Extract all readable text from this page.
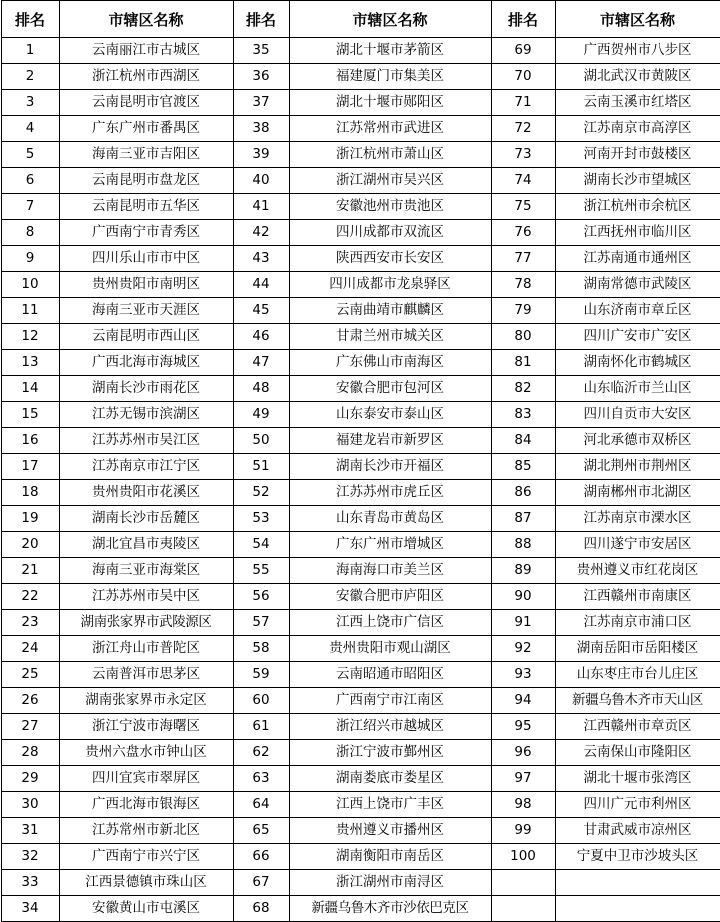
排名	市辖区名称	排名	市辖区名称	排名	市辖区名称
1	云南丽江市古城区	35	湖北十堰市茅箭区	69	广西贺州市八步区
2	浙江杭州市西湖区	36	福建厦门市集美区	70	湖北武汉市黄陂区
3	云南昆明市官渡区	37	湖北十堰市郧阳区	71	云南玉溪市红塔区
4	广东广州市番禺区	38	江苏常州市武进区	72	江苏南京市高淳区
5	海南三亚市吉阳区	39	浙江杭州市萧山区	73	河南开封市鼓楼区
6	云南昆明市盘龙区	40	浙江湖州市吴兴区	74	湖南长沙市望城区
7	云南昆明市五华区	41	安徽池州市贵池区	75	浙江杭州市余杭区
8	广西南宁市青秀区	42	四川成都市双流区	76	江西抚州市临川区
9	四川乐山市市中区	43	陕西西安市长安区	77	江苏南通市通州区
10	贵州贵阳市南明区	44	四川成都市龙泉驿区	78	湖南常德市武陵区
11	海南三亚市天涯区	45	云南曲靖市麒麟区	79	山东济南市章丘区
12	云南昆明市西山区	46	甘肃兰州市城关区	80	四川广安市广安区
13	广西北海市海城区	47	广东佛山市南海区	81	湖南怀化市鹤城区
14	湖南长沙市雨花区	48	安徽合肥市包河区	82	山东临沂市兰山区
15	江苏无锡市滨湖区	49	山东泰安市泰山区	83	四川自贡市大安区
16	江苏苏州市吴江区	50	福建龙岩市新罗区	84	河北承德市双桥区
17	江苏南京市江宁区	51	湖南长沙市开福区	85	湖北荆州市荆州区
18	贵州贵阳市花溪区	52	江苏苏州市虎丘区	86	湖南郴州市北湖区
19	湖南长沙市岳麓区	53	山东青岛市黄岛区	87	江苏南京市溧水区
20	湖北宜昌市夷陵区	54	广东广州市增城区	88	四川遂宁市安居区
21	海南三亚市海棠区	55	海南海口市美兰区	89	贵州遵义市红花岗区
22	江苏苏州市吴中区	56	安徽合肥市庐阳区	90	江西赣州市南康区
23	湖南张家界市武陵源区	57	江西上饶市广信区	91	江苏南京市浦口区
24	浙江舟山市普陀区	58	贵州贵阳市观山湖区	92	湖南岳阳市岳阳楼区
25	云南普洱市思茅区	59	云南昭通市昭阳区	93	山东枣庄市台儿庄区
26	湖南张家界市永定区	60	广西南宁市江南区	94	新疆乌鲁木齐市天山区
27	浙江宁波市海曙区	61	浙江绍兴市越城区	95	江西赣州市章贡区
28	贵州六盘水市钟山区	62	浙江宁波市鄞州区	96	云南保山市隆阳区
29	四川宜宾市翠屏区	63	湖南娄底市娄星区	97	湖北十堰市张湾区
30	广西北海市银海区	64	江西上饶市广丰区	98	四川广元市利州区
31	江苏常州市新北区	65	贵州遵义市播州区	99	甘肃武威市凉州区
32	广西南宁市兴宁区	66	湖南衡阳市南岳区	100	宁夏中卫市沙坡头区
33	江西景德镇市珠山区	67	浙江湖州市南浔区		
34	安徽黄山市屯溪区	68	新疆乌鲁木齐市沙依巴克区		
